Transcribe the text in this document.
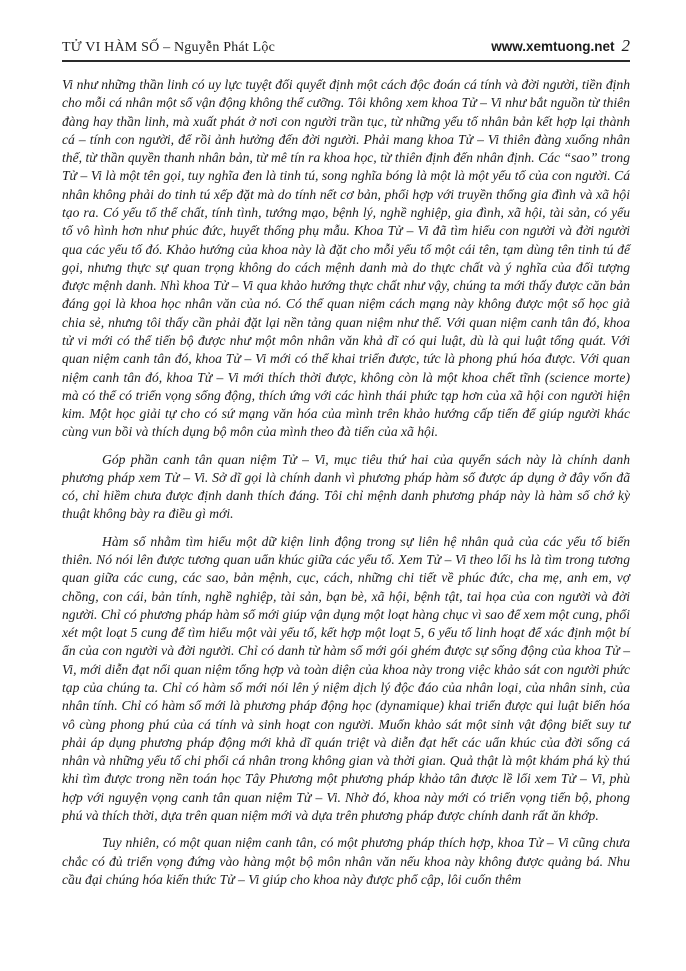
TỬ VI HÀM SỐ – Nguyễn Phát Lộc	www.xemtuong.net 2

Vi như những thần linh có uy lực tuyệt đối quyết định một cách độc đoán cá tính và đời người, tiền định cho mỗi cá nhân một số vận động không thể cưỡng. Tôi không xem khoa Tử – Vi như bắt nguồn từ thiên đàng hay thần linh, mà xuất phát ở nơi con người trần tục, từ những yếu tố nhân bản kết hợp lại thành cá – tính con người, để rồi ảnh hưởng đến đời người. Phải mang khoa Tử – Vi thiên đàng xuống nhân thế, từ thần quyền thanh nhân bản, từ mê tín ra khoa học, từ thiên định đến nhân định. Các “sao” trong Tử – Vi là một tên gọi, tuy nghĩa đen là tinh tú, song nghĩa bóng là một là một yếu tố của con người. Cá nhân không phải do tinh tú xếp đặt mà do tính nết cơ bản, phối hợp với truyền thống gia đình và xã hội tạo ra. Có yếu tố thể chất, tính tình, tướng mạo, bệnh lý, nghề nghiệp, gia đình, xã hội, tài sản, có yếu tố vô hình hơn như phúc đức, huyết thống phụ mẫu. Khoa Tử – Vi đã tìm hiểu con người và đời người qua các yếu tố đó. Khảo hướng của khoa này là đặt cho mỗi yếu tố một cái tên, tạm dùng tên tinh tú để gọi, nhưng thực sự quan trọng không do cách mệnh danh mà do thực chất và ý nghĩa của đối tượng được mệnh danh. Nhì khoa Tử – Vi qua khảo hướng thực chất như vậy, chúng ta mới thấy được căn bản đáng gọi là khoa học nhân văn của nó. Có thể quan niệm cách mạng này không được một số học giả chia sẻ, nhưng tôi thấy cần phải đặt lại nền tảng quan niệm như thế. Với quan niệm canh tân đó, khoa tử vi mới có thể tiến bộ được như một môn nhân văn khả dĩ có qui luật, dù là qui luật tổng quát. Với quan niệm canh tân đó, khoa Tử – Vi mới có thể khai triển được, tức là phong phú hóa được. Với quan niệm canh tân đó, khoa Tử – Vi mới thích thời được, không còn là một khoa chết tĩnh (science morte) mà có thể có triển vọng sống động, thích ứng với các hình thái phức tạp hơn của xã hội con người hiện kim. Một học giải tự cho có sứ mạng văn hóa của mình trên khảo hướng cấp tiến để giúp người khác cùng vun bồi và thích dụng bộ môn của mình theo đà tiến của xã hội.

Góp phần canh tân quan niệm Tử – Vi, mục tiêu thứ hai của quyển sách này là chính danh phương pháp xem Tử – Vi. Sở dĩ gọi là chính danh vì phương pháp hàm số được áp dụng ở đây vốn đã có, chỉ hiềm chưa được định danh thích đáng. Tôi chỉ mệnh danh phương pháp này là hàm số chớ kỳ thuật không bày ra điều gì mới.

Hàm số nhằm tìm hiểu một dữ kiện linh động trong sự liên hệ nhân quả của các yếu tố biến thiên. Nó nói lên được tương quan uẩn khúc giữa các yếu tố. Xem Tử – Vi theo lối hs là tìm trong tương quan giữa các cung, các sao, bản mệnh, cục, cách, những chi tiết về phúc đức, cha mẹ, anh em, vợ chồng, con cái, bản tính, nghề nghiệp, tài sản, bạn bè, xã hội, bệnh tật, tai họa của con người và đời người. Chỉ có phương pháp hàm số mới giúp vận dụng một loạt hàng chục vì sao để xem một cung, phối xét một loạt 5 cung để tìm hiểu một vài yếu tố, kết hợp một loạt 5, 6 yếu tố linh hoạt để xác định một bí ẩn của con người và đời người. Chỉ có danh từ hàm số mới gói ghém được sự sống động của khoa Tử – Vi, mới diễn đạt nổi quan niệm tổng hợp và toàn diện của khoa này trong việc khảo sát con người phức tạp của chúng ta. Chỉ có hàm số mới nói lên ý niệm dịch lý độc đáo của nhân loại, của nhân sinh, của nhân tính. Chỉ có hàm số mới là phương pháp động học (dynamique) khai triển được qui luật biến hóa vô cùng phong phú của cá tính và sinh hoạt con người. Muốn khảo sát một sinh vật động biết suy tư phải áp dụng phương pháp động mới khả dĩ quán triệt và diễn đạt hết các uẩn khúc của đời sống cá nhân và những yếu tố chi phối cá nhân trong không gian và thời gian. Quả thật là một khám phá kỳ thú khi tìm được trong nền toán học Tây Phương một phương pháp khảo tân được lề lối xem Tử – Vi, phù hợp với nguyện vọng canh tân quan niệm Tử – Vi. Nhờ đó, khoa này mới có triển vọng tiến bộ, phong phú và thích thời, dựa trên quan niệm mới và dựa trên phương pháp được chính danh rất ăn khớp.

Tuy nhiên, có một quan niệm canh tân, có một phương pháp thích hợp, khoa Tử – Vi cũng chưa chắc có đủ triển vọng đứng vào hàng một bộ môn nhân văn nếu khoa này không được quảng bá. Nhu cầu đại chúng hóa kiến thức Tử – Vi giúp cho khoa này được phổ cập, lôi cuốn thêm
